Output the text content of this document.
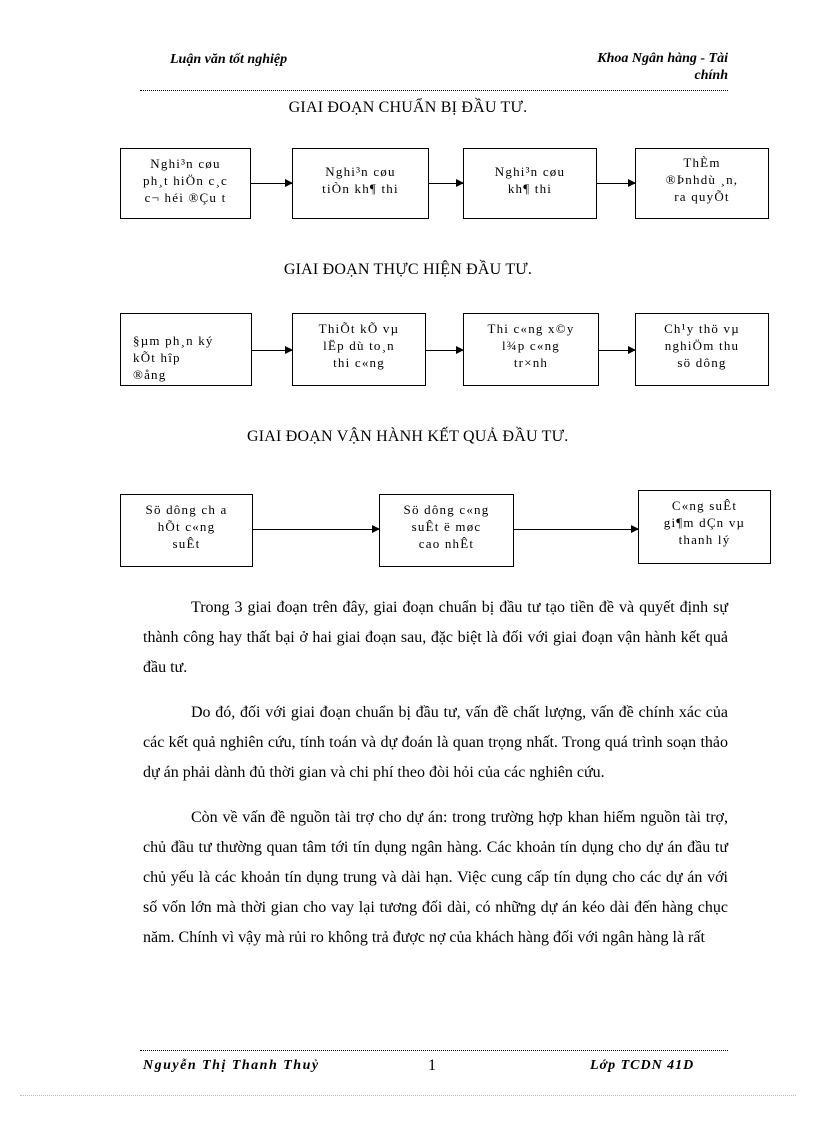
Luận văn tốt nghiệp	Khoa Ngân hàng - Tài
chính
GIAI ĐOẠN CHUẨN BỊ ĐẦU TƯ.
Nghi³n cøu
ph¸t hiÖn c¸c
c¬ héi ®Çu t
Nghi³n cøu
tiÒn kh¶ thi
Nghi³n cøu
kh¶ thi
ThÈm
®Þnhdù ¸n,
ra quyÕt
GIAI ĐOẠN THỰC HIỆN ĐẦU TƯ.
§µm ph¸n ký
kÕt hîp
®ång
ThiÕt kÕ vµ
lËp dù to¸n
thi c«ng
Thi c«ng x©y
l¾p c«ng
tr×nh
Ch¹y thö vµ
nghiÖm thu
sö dông
GIAI ĐOẠN VẬN HÀNH KẾT QUẢ ĐẦU TƯ.
Sö dông ch a
hÕt c«ng
suÊt
Sö dông c«ng
suÊt ë møc
cao nhÊt
C«ng suÊt
gi¶m dÇn vµ
thanh lý

Trong 3 giai đoạn trên đây, giai đoạn chuẩn bị đầu tư tạo tiền đề và quyết định sự thành công hay thất bại ở hai giai đoạn sau, đặc biệt là đối với giai đoạn vận hành kết quả đầu tư.

Do đó, đối với giai đoạn chuẩn bị đầu tư, vấn đề chất lượng, vấn đề chính xác của các kết quả nghiên cứu, tính toán và dự đoán là quan trọng nhất. Trong quá trình soạn thảo dự án phải dành đủ thời gian và chi phí theo đòi hỏi của các nghiên cứu.

Còn về vấn đề nguồn tài trợ cho dự án: trong trường hợp khan hiếm nguồn tài trợ, chủ đầu tư thường quan tâm tới tín dụng ngân hàng. Các khoản tín dụng cho dự án đầu tư chủ yếu là các khoản tín dụng trung và dài hạn. Việc cung cấp tín dụng cho các dự án với số vốn lớn mà thời gian cho vay lại tương đối dài, có những dự án kéo dài đến hàng chục năm. Chính vì vậy mà rủi ro không trả được nợ của khách hàng đối với ngân hàng là rất

Nguyễn Thị Thanh Thuỷ	1	Lớp TCDN 41D
